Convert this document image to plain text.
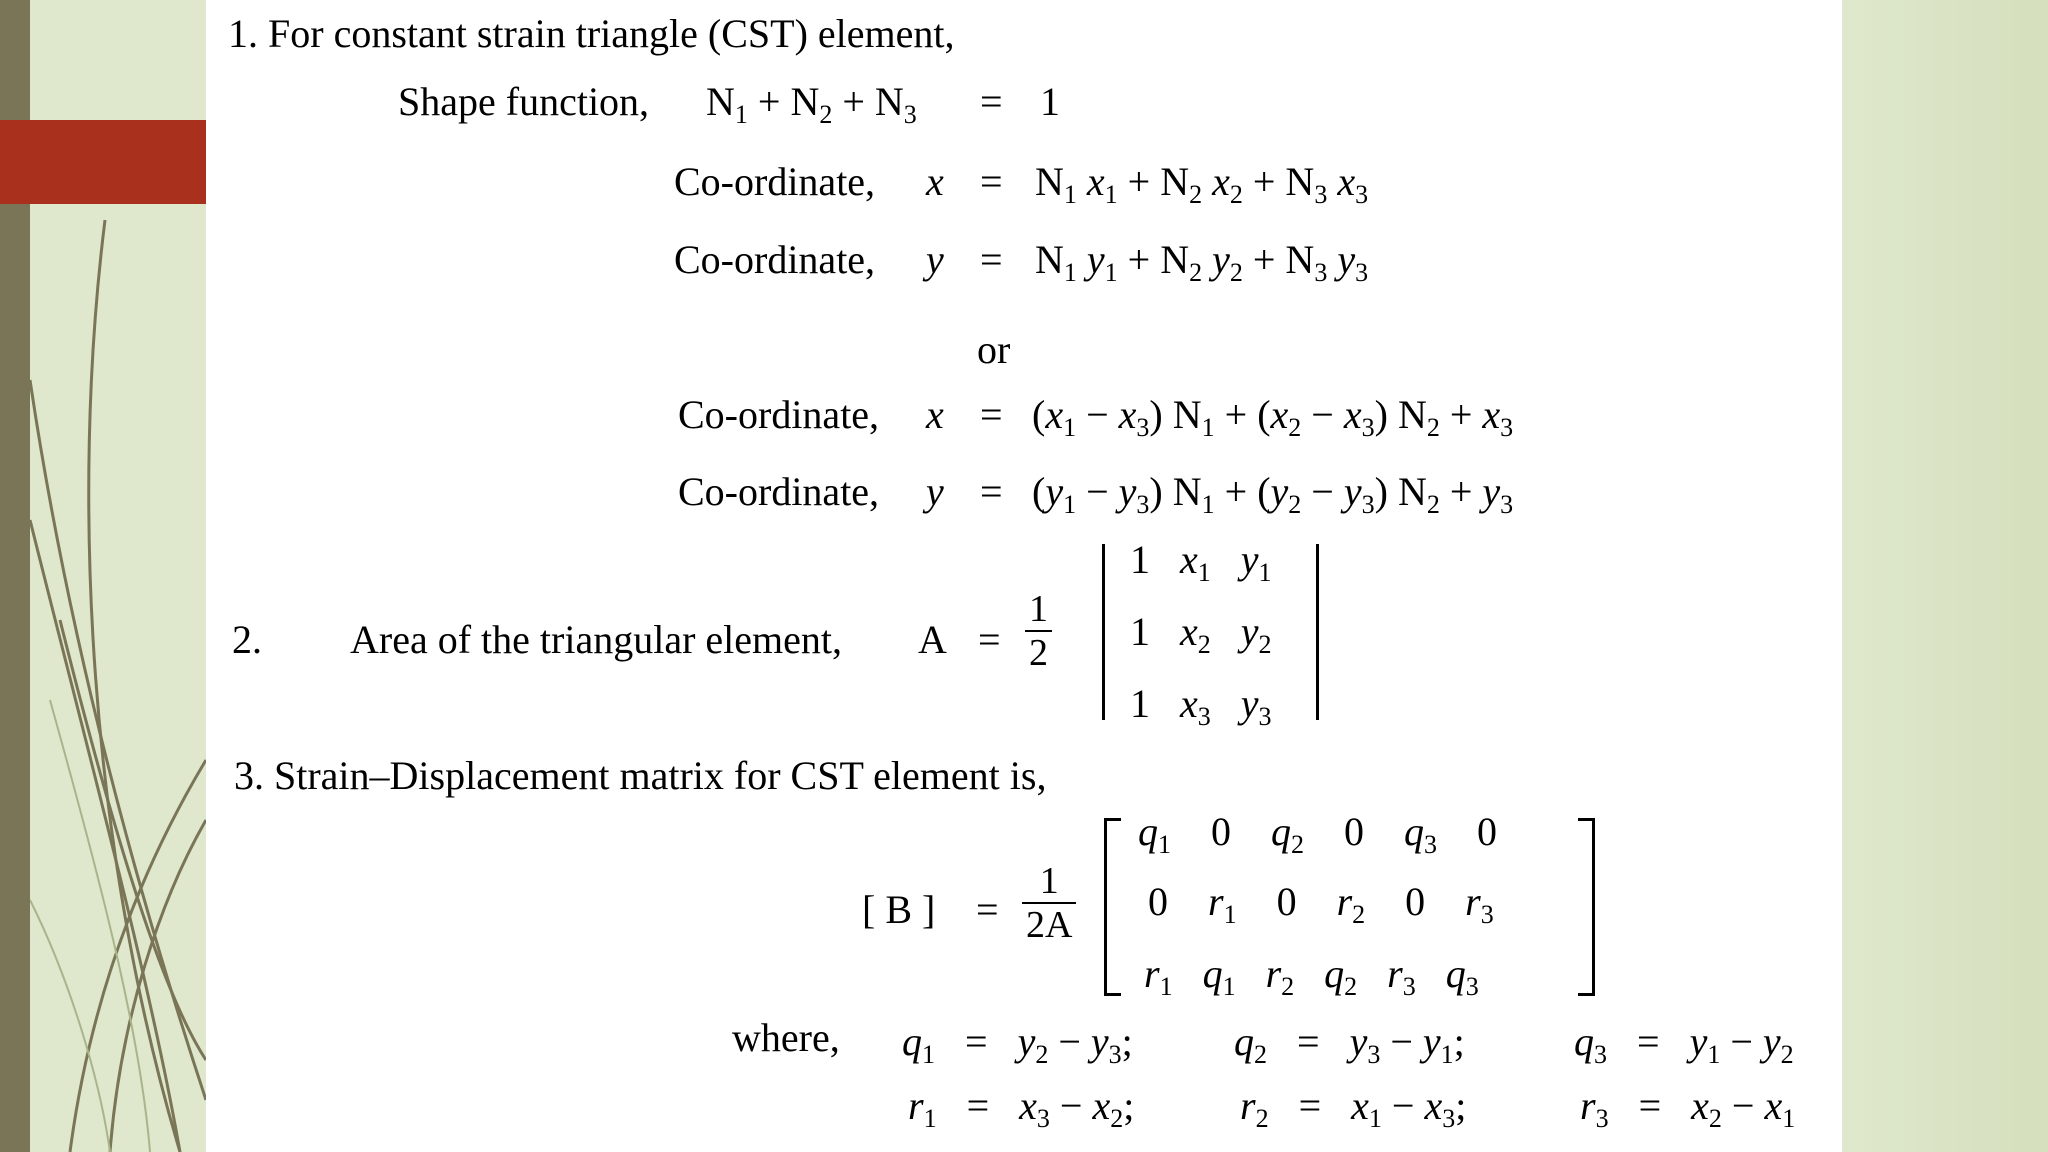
1. For constant strain triangle (CST) element,
Shape function, $N_1 + N_2 + N_3 = 1$
Co-ordinate, $x = N_1$ $x_1 + N_2$ $x_2 + N_3$ $x_3$
Co-ordinate, $y = N_1$ $y_1 + N_2$ $y_2 + N_3$ $y_3$
or
Co-ordinate, $x = (x_1 - x_3) N_1 + (x_2 - x_3) N_2 + x_3$
Co-ordinate, $y = (y_1 - y_3) N_1 + (y_2 - y_3) N_2 + y_3$
2. Area of the triangular element, A =
1
2
1   $x_1$ $y_1$
1   $x_2$ $y_2$
1   $x_3$ $y_3$
3. Strain–Displacement matrix for CST element is,
[ B ] =
1
2A
$q_1$    0    $q_2$    0    $q_3$    0
0    $r_1$    0    $r_2$    0    $r_3$
$r_1$ $q_1$ $r_2$ $q_2$ $r_3$ $q_3$
where, $q_1 = y_2 - y_3$;	$q_2 = y_3 - y_1$;	$q_3 = y_1 - y_2$
$r_1 = x_3 - x_2$;	$r_2 = x_1 - x_3$;	$r_3 = x_2 - x_1$
